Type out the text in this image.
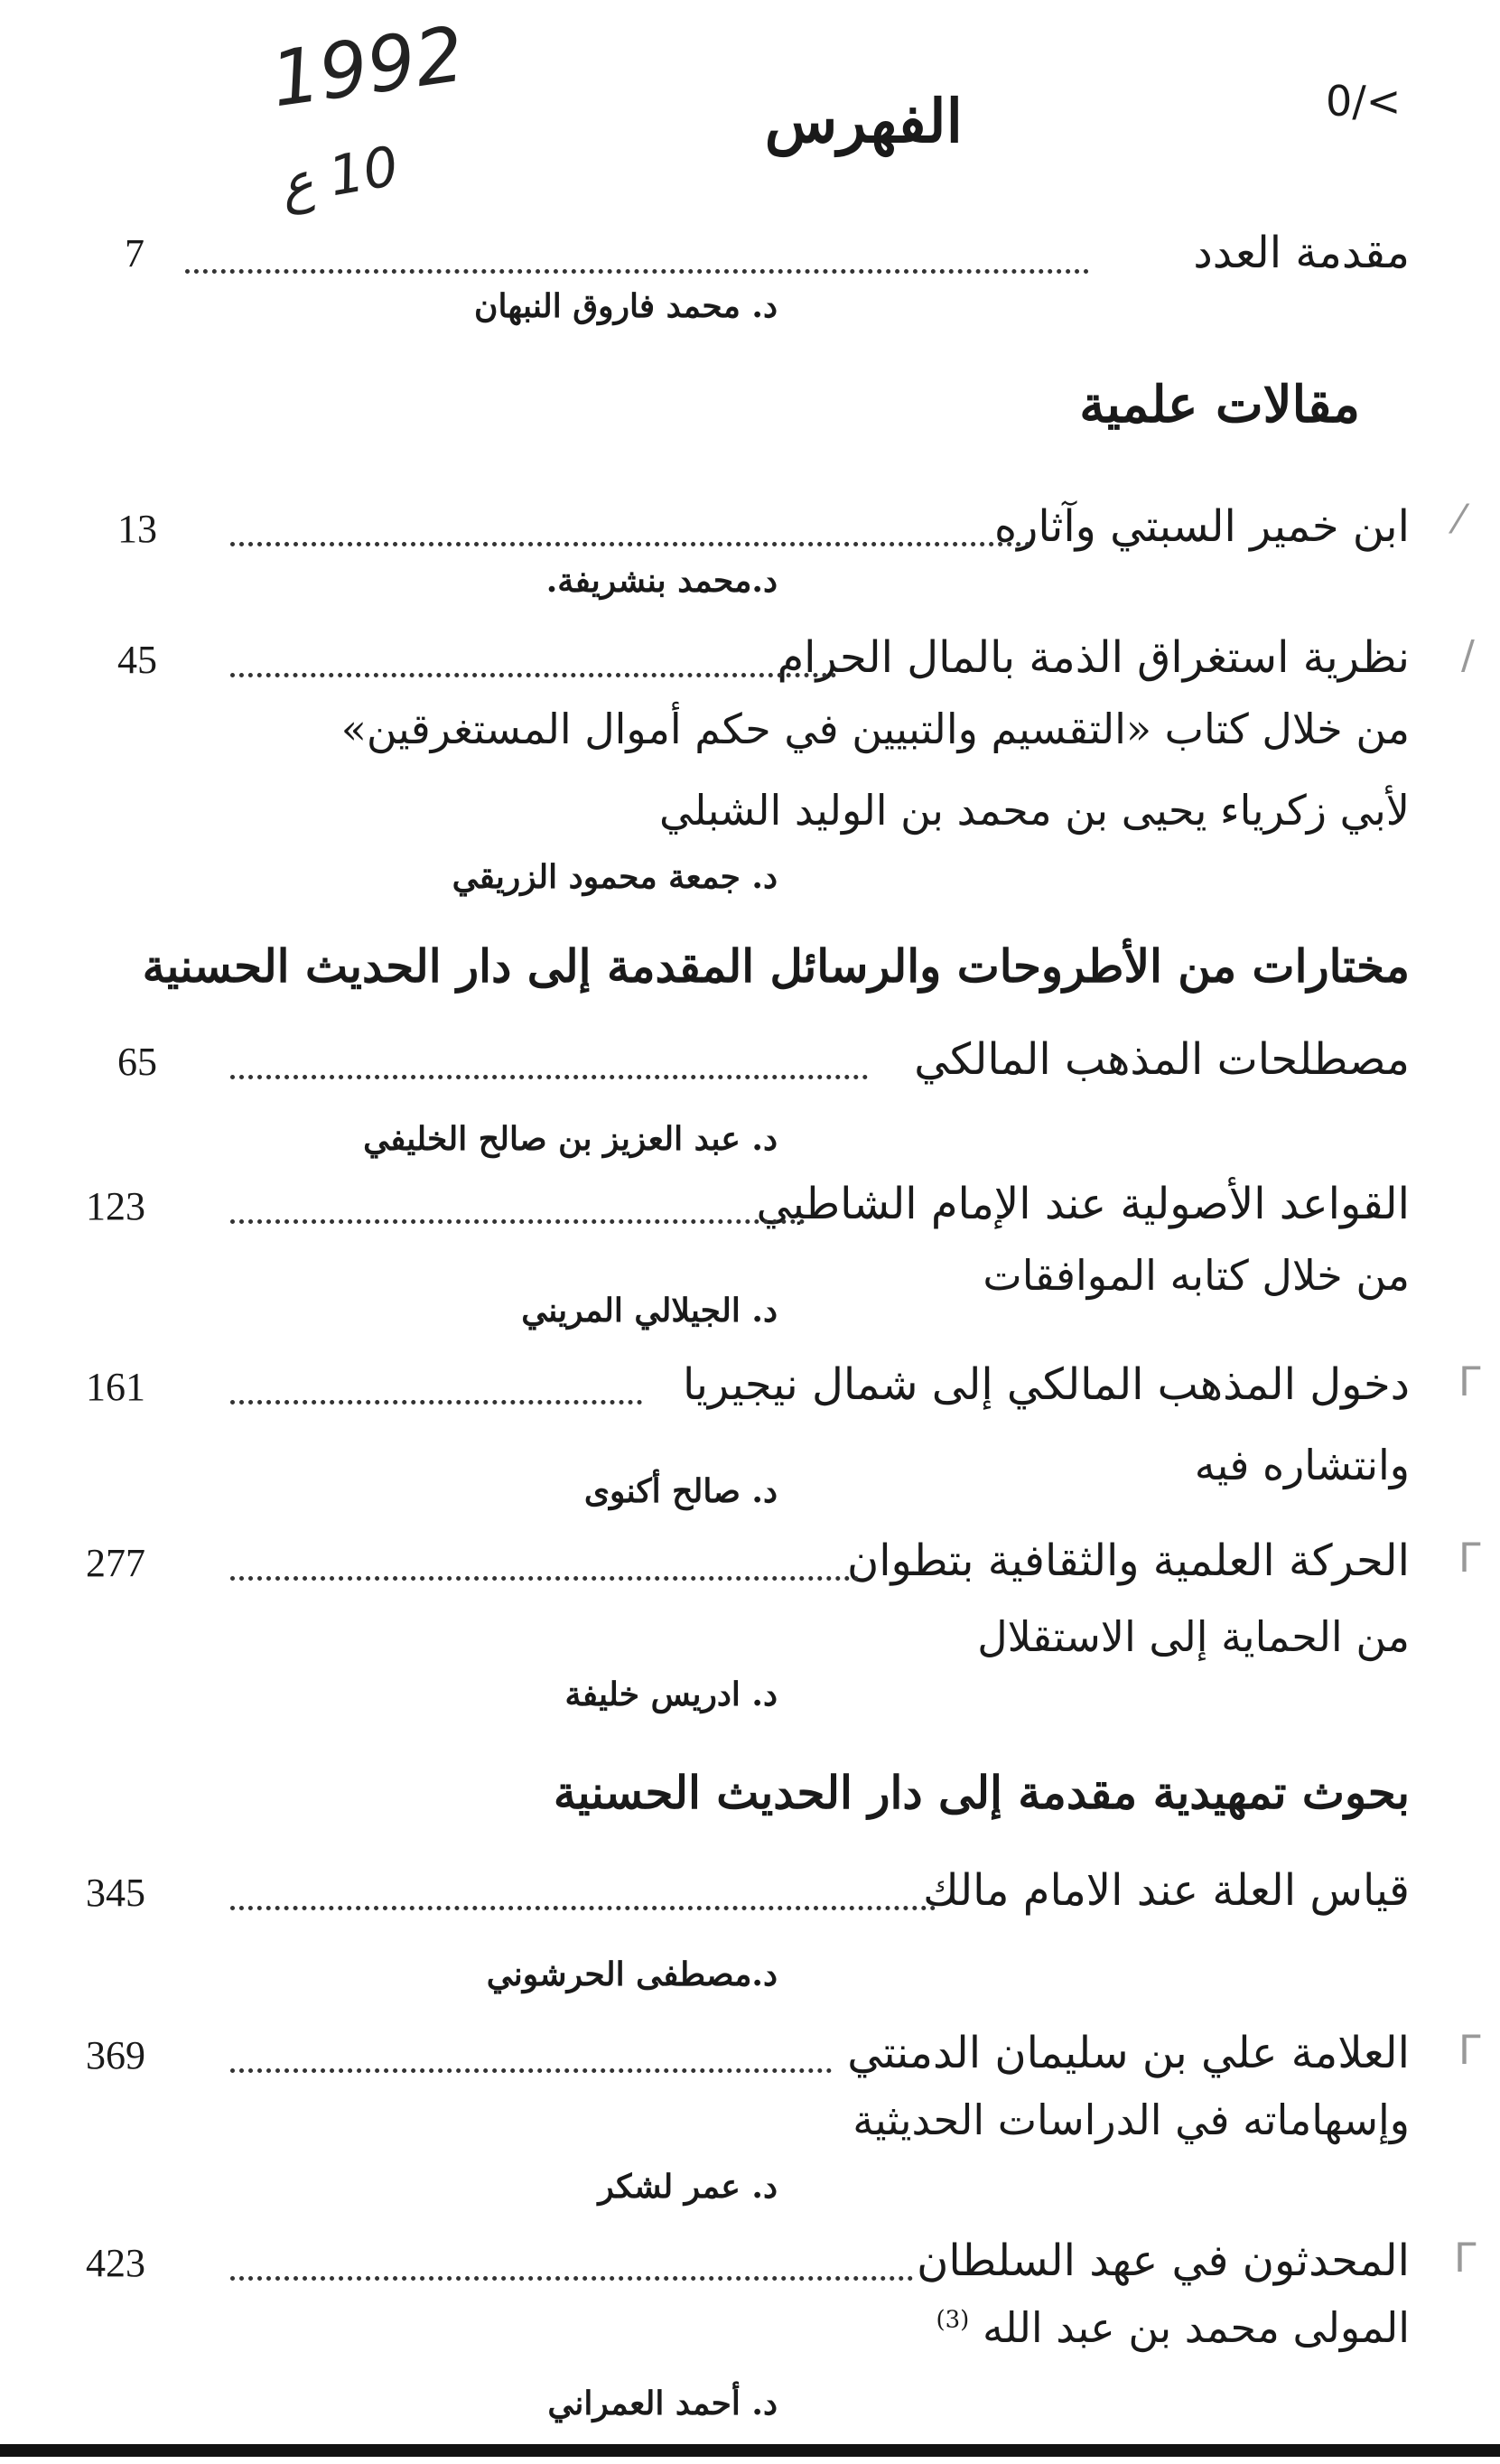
1992
10 ع
0/<
الفهرس
مقدمة العدد
7
د. محمد فاروق النبهان
مقالات علمية
⁄
ابن خمير السبتي وآثاره
13
د.محمد بنشريفة.
/
نظرية استغراق الذمة بالمال الحرام
45
من خلال كتاب «التقسيم والتبيين في حكم أموال المستغرقين»
لأبي زكرياء يحيى بن محمد بن الوليد الشبلي
د. جمعة محمود الزريقي
مختارات من الأطروحات والرسائل المقدمة إلى دار الحديث الحسنية
مصطلحات المذهب المالكي
65
د. عبد العزيز بن صالح الخليفي
القواعد الأصولية عند الإمام الشاطبي
123
من خلال كتابه الموافقات
د. الجيلالي المريني
ᒥ
دخول المذهب المالكي إلى شمال نيجيريا
161
وانتشاره فيه
د. صالح أكنوى
ᒥ
الحركة العلمية والثقافية بتطوان
277
من الحماية إلى الاستقلال
د. ادريس خليفة
بحوث تمهيدية مقدمة إلى دار الحديث الحسنية
قياس العلة عند الامام مالك
345
د.مصطفى الحرشوني
ᒥ
العلامة علي بن سليمان الدمنتي
369
وإسهاماته في الدراسات الحديثية
د. عمر لشكر
ᒥ
المحدثون في عهد السلطان
423
المولى محمد بن عبد الله $^{(3)}$
د. أحمد العمراني
